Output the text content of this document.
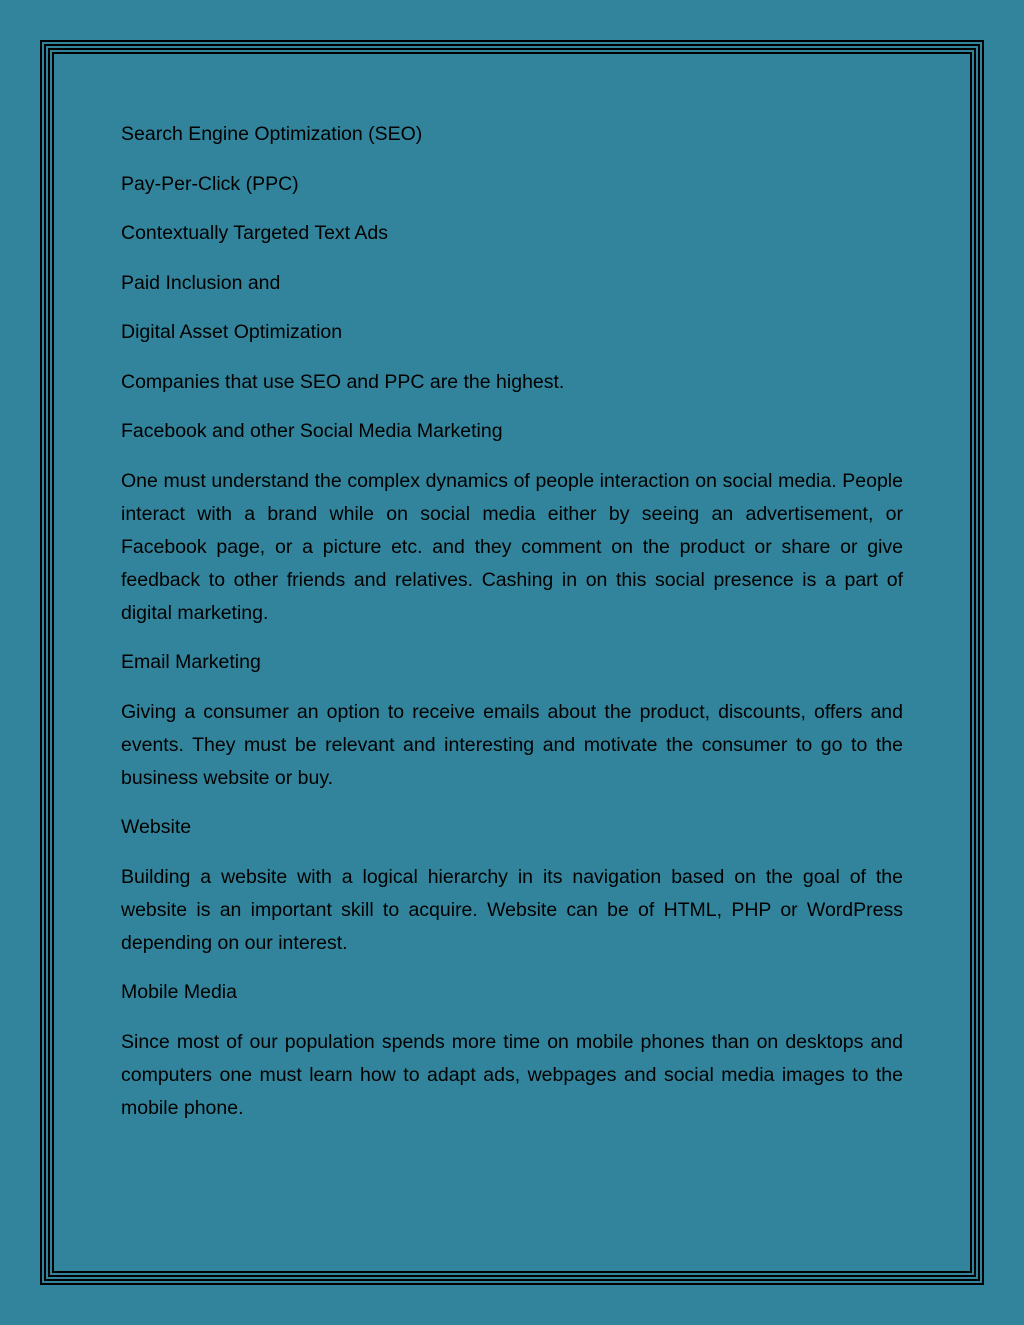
Search Engine Optimization (SEO)
Pay-Per-Click (PPC)
Contextually Targeted Text Ads
Paid Inclusion and
Digital Asset Optimization
Companies that use SEO and PPC are the highest.
Facebook and other Social Media Marketing
One must understand the complex dynamics of people interaction on social media. People interact with a brand while on social media either by seeing an advertisement, or Facebook page, or a picture etc. and they comment on the product or share or give feedback to other friends and relatives. Cashing in on this social presence is a part of digital marketing.
Email Marketing
Giving a consumer an option to receive emails about the product, discounts, offers and events. They must be relevant and interesting and motivate the consumer to go to the business website or buy.
Website
Building a website with a logical hierarchy in its navigation based on the goal of the website is an important skill to acquire. Website can be of HTML, PHP or WordPress depending on our interest.
Mobile Media
Since most of our population spends more time on mobile phones than on desktops and computers one must learn how to adapt ads, webpages and social media images to the mobile phone.
